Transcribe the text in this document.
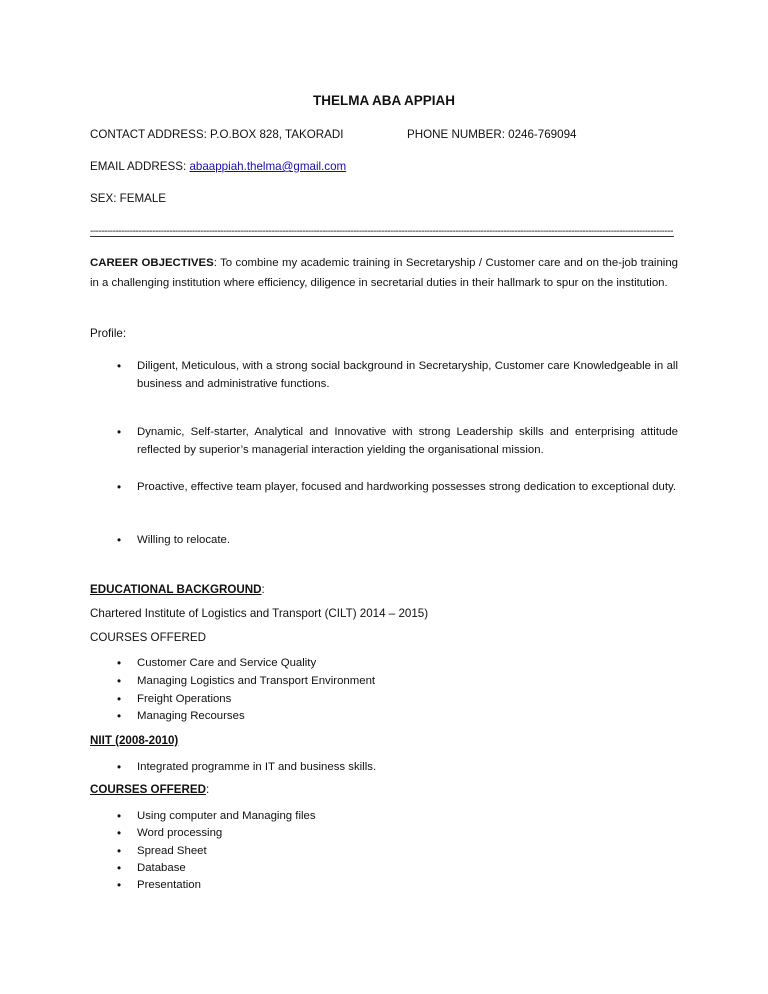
THELMA ABA APPIAH
CONTACT ADDRESS: P.O.BOX 828, TAKORADI	PHONE NUMBER: 0246-769094
EMAIL ADDRESS: abaappiah.thelma@gmail.com
SEX: FEMALE
--------------------------------------------------------------------------------------------------------------------------------------------------------------------------------------------------------------
CAREER OBJECTIVES: To combine my academic training in Secretaryship / Customer care and on the-job training in a challenging institution where efficiency, diligence in secretarial duties in their hallmark to spur on the institution.
Profile:
• Diligent, Meticulous, with a strong social background in Secretaryship, Customer care Knowledgeable in all business and administrative functions.
• Dynamic, Self-starter, Analytical and Innovative with strong Leadership skills and enterprising attitude reflected by superior’s managerial interaction yielding the organisational mission.
• Proactive, effective team player, focused and hardworking possesses strong dedication to exceptional duty.
• Willing to relocate.
EDUCATIONAL BACKGROUND:
Chartered Institute of Logistics and Transport (CILT) 2014 – 2015)
COURSES OFFERED
• Customer Care and Service Quality
• Managing Logistics and Transport Environment
• Freight Operations
• Managing Recourses
NIIT (2008-2010)
• Integrated programme in IT and business skills.
COURSES OFFERED:
• Using computer and Managing files
• Word processing
• Spread Sheet
• Database
• Presentation
